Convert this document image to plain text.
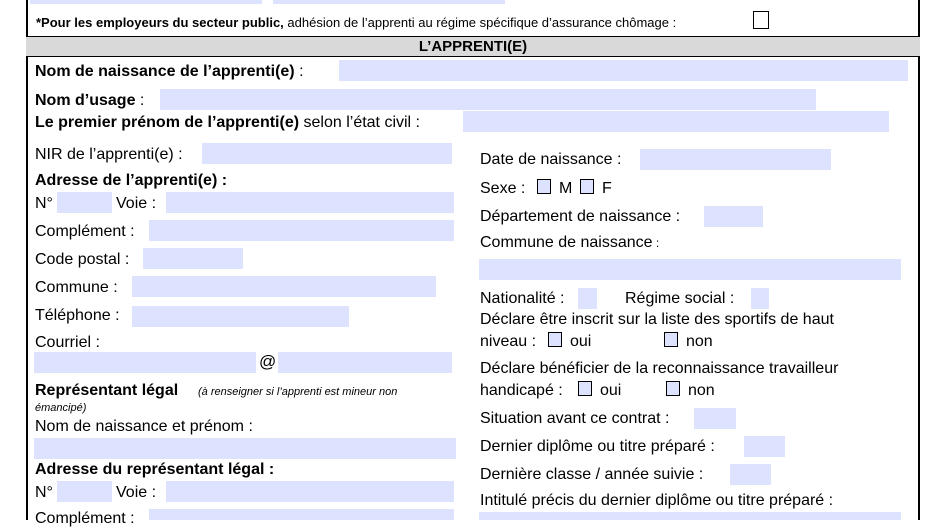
*Pour les employeurs du secteur public, adhésion de l’apprenti au régime spécifique d’assurance chômage :
L’APPRENTI(E)
Nom de naissance de l’apprenti(e) :
Nom d’usage :
Le premier prénom de l’apprenti(e) selon l’état civil :
NIR de l’apprenti(e) :
Adresse de l’apprenti(e) :
N°	Voie :
Complément :
Code postal :
Commune :
Téléphone :
Courriel :
@
Représentant légal (à renseigner si l’apprenti est mineur non
émancipé)
Nom de naissance et prénom :
Adresse du représentant légal :
N°	Voie :
Complément :
Date de naissance :
Sexe : M F
Département de naissance :
Commune de naissance :
Nationalité :	Régime social :
Déclare être inscrit sur la liste des sportifs de haut
niveau : oui	non
Déclare bénéficier de la reconnaissance travailleur
handicapé : oui	non
Situation avant ce contrat :
Dernier diplôme ou titre préparé :
Dernière classe / année suivie :
Intitulé précis du dernier diplôme ou titre préparé :
